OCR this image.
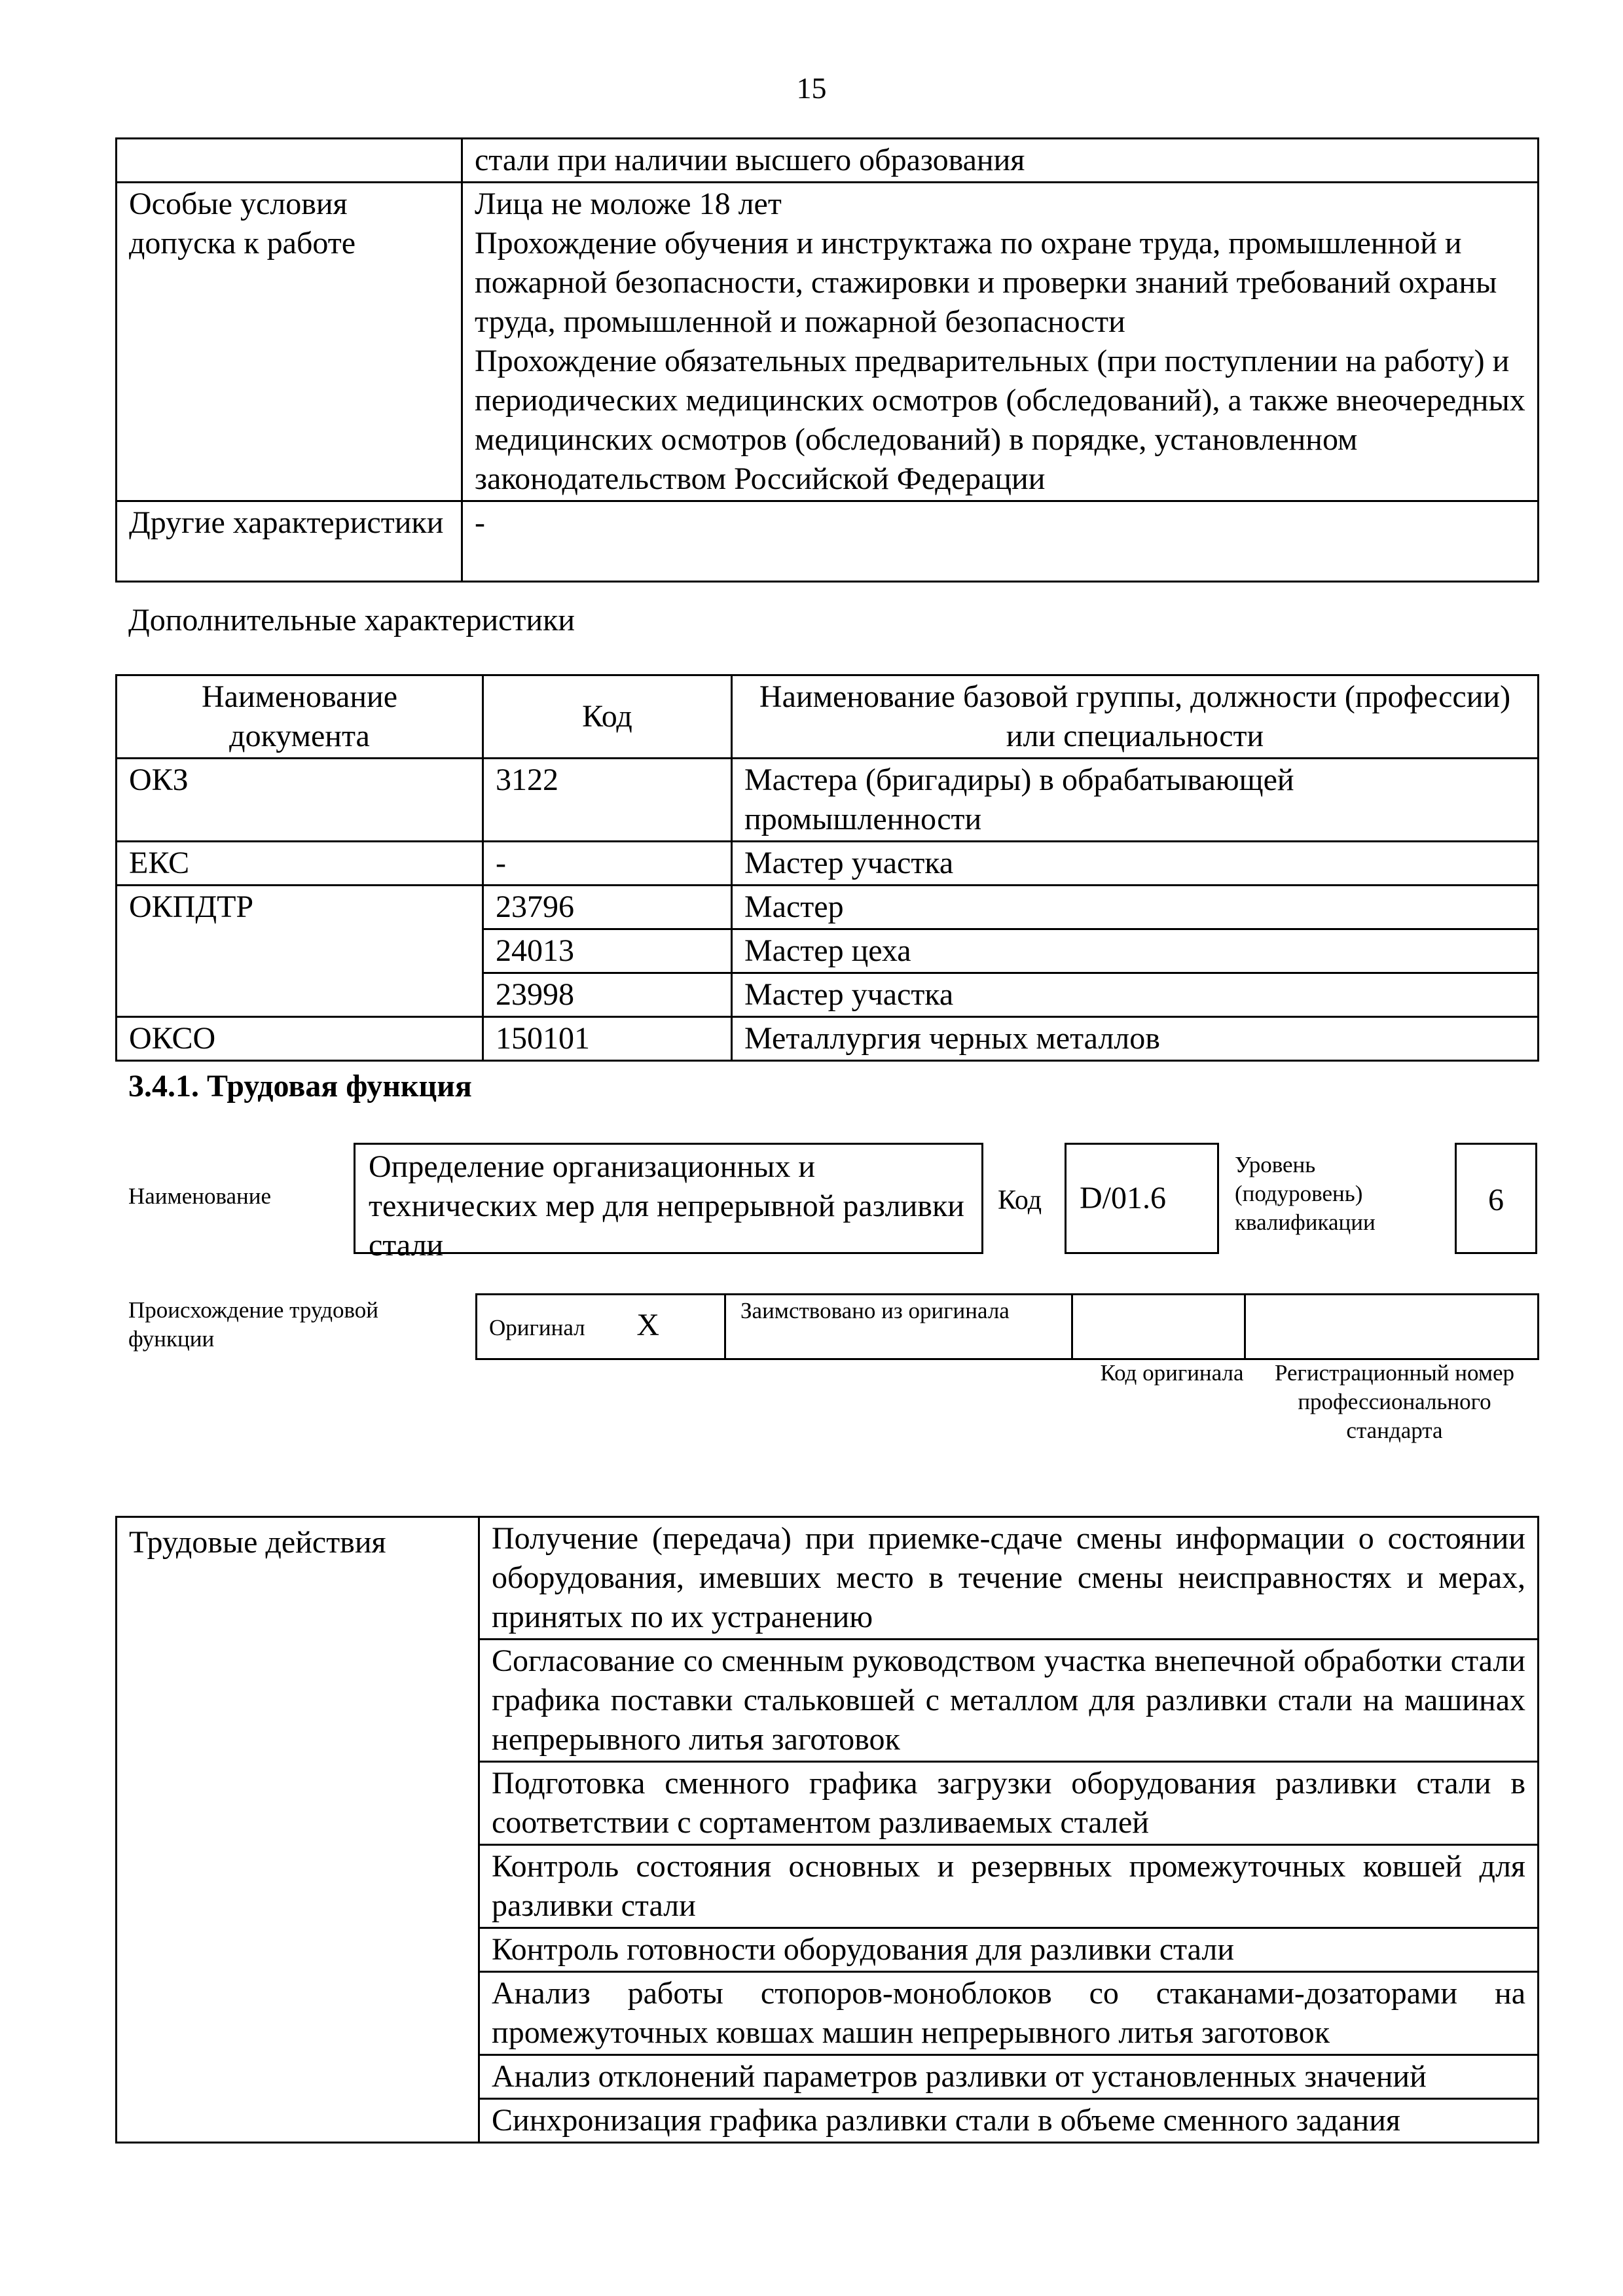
15
	стали при наличии высшего образования
Особые условия допуска к работе	Лица не моложе 18 лет
Прохождение обучения и инструктажа по охране труда, промышленной и пожарной безопасности, стажировки и проверки знаний требований охраны труда, промышленной и пожарной безопасности
Прохождение обязательных предварительных (при поступлении на работу) и периодических медицинских осмотров (обследований), а также внеочередных медицинских осмотров (обследований) в порядке, установленном законодательством Российской Федерации

Другие характеристики	-
Дополнительные характеристики
Наименование документа	Код	Наименование базовой группы, должности (профессии) или специальности
ОКЗ	3122	Мастера (бригадиры) в обрабатывающей промышленности
ЕКС	-	Мастер участка
ОКПДТР	23796	Мастер
	24013	Мастер цеха
	23998	Мастер участка
ОКСО	150101	Металлургия черных металлов
3.4.1. Трудовая функция
Наименование
Определение организационных и технических мер для непрерывной разливки стали
Код	D/01.6
Уровень (подуровень) квалификации
6
Происхождение трудовой функции	Оригинал X	Заимствовано из оригинала		
Код оригинала	Регистрационный номер профессионального стандарта
Трудовые действия	Получение (передача) при приемке-сдаче смены информации о состоянии оборудования, имевших место в течение смены неисправностях и мерах, принятых по их устранению
Согласование со сменным руководством участка внепечной обработки стали графика поставки стальковшей с металлом для разливки стали на машинах непрерывного литья заготовок
Подготовка сменного графика загрузки оборудования разливки стали в соответствии с сортаментом разливаемых сталей
Контроль состояния основных и резервных промежуточных ковшей для разливки стали
Контроль готовности оборудования для разливки стали
Анализ работы стопоров-моноблоков со стаканами-дозаторами на промежуточных ковшах машин непрерывного литья заготовок
Анализ отклонений параметров разливки от установленных значений
Синхронизация графика разливки стали в объеме сменного задания
